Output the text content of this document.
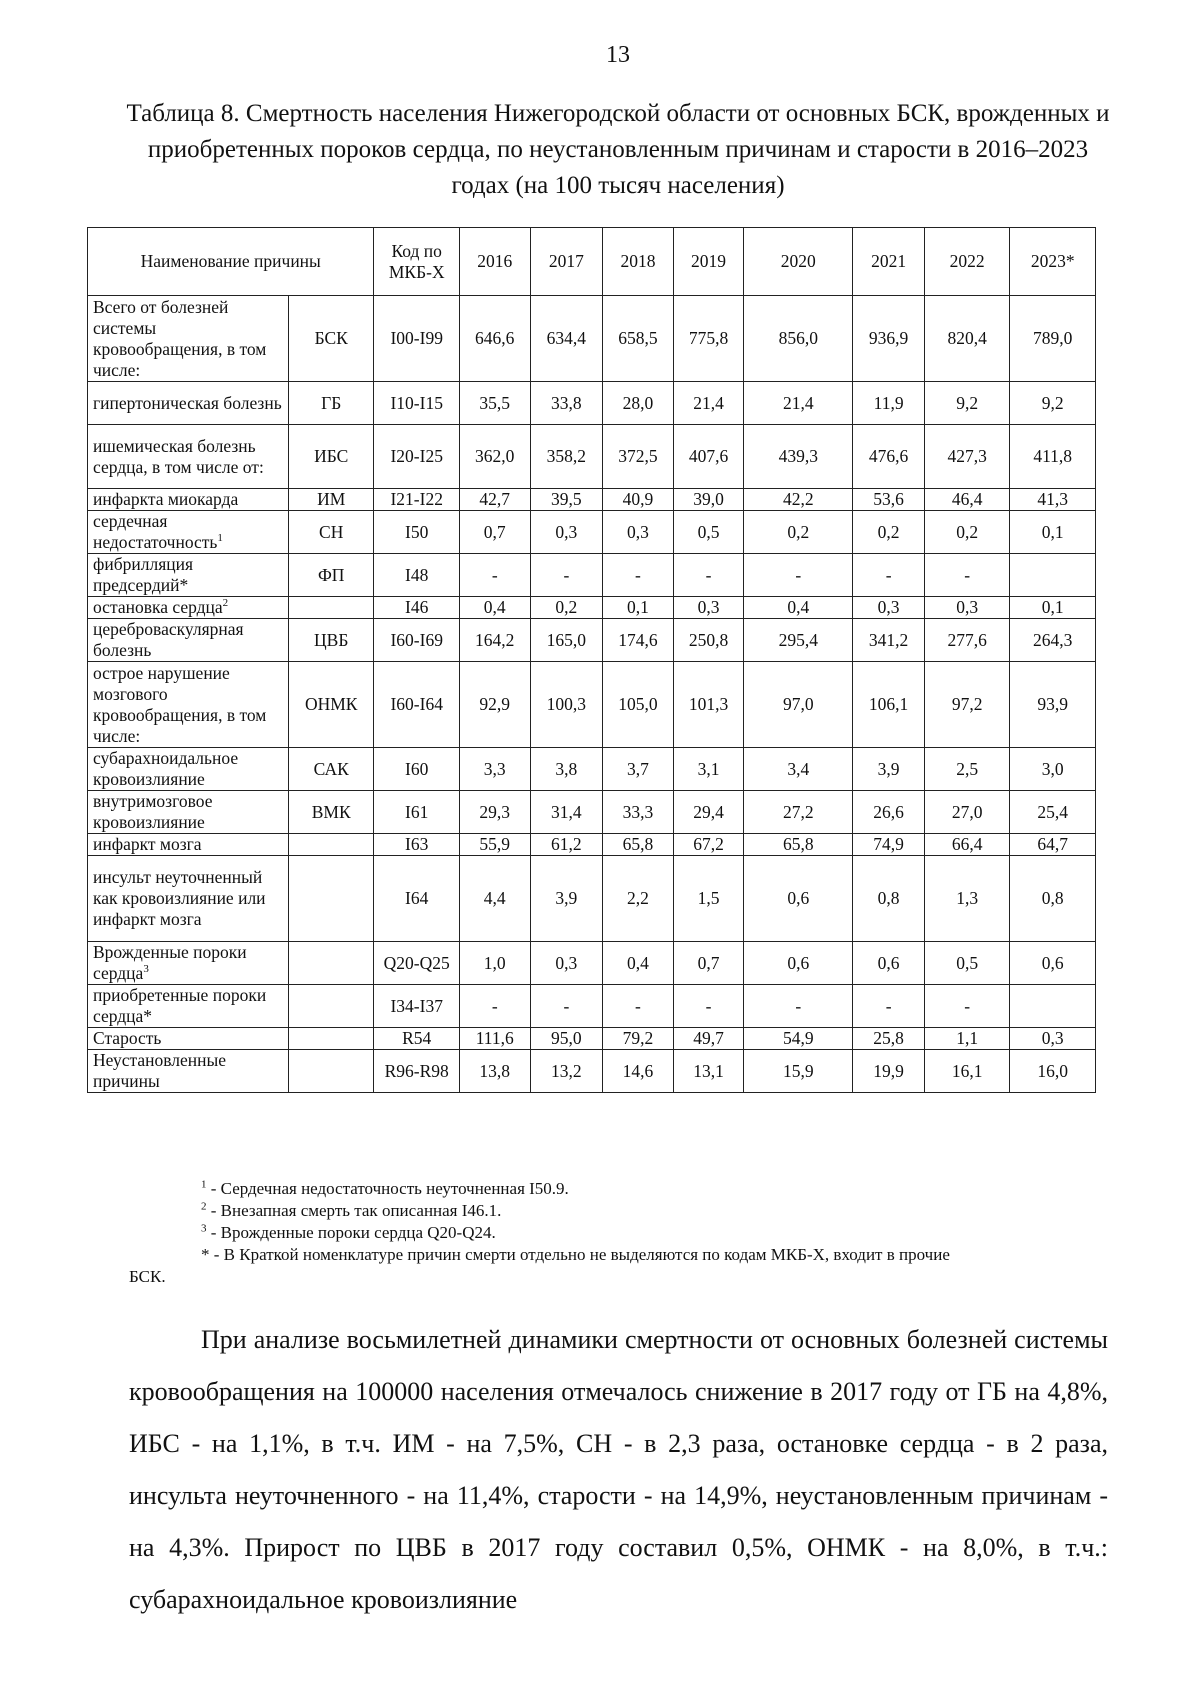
13
Таблица 8. Смертность населения Нижегородской области от основных БСК, врожденных и приобретенных пороков сердца, по неустановленным причинам и старости в 2016–2023 годах (на 100 тысяч населения)
Наименование причины		Код по МКБ-Х	2016	2017	2018	2019	2020	2021	2022	2023*
Всего от болезней системы кровообращения, в том числе:	БСК	I00-I99	646,6	634,4	658,5	775,8	856,0	936,9	820,4	789,0
гипертоническая болезнь	ГБ	I10-I15	35,5	33,8	28,0	21,4	21,4	11,9	9,2	9,2
ишемическая болезнь сердца, в том числе от:	ИБС	I20-I25	362,0	358,2	372,5	407,6	439,3	476,6	427,3	411,8
инфаркта миокарда	ИМ	I21-I22	42,7	39,5	40,9	39,0	42,2	53,6	46,4	41,3
сердечная недостаточность$^1$	СН	I50	0,7	0,3	0,3	0,5	0,2	0,2	0,2	0,1
фибрилляция предсердий*	ФП	I48	-	-	-	-	-	-	-	
остановка сердца$^2$		I46	0,4	0,2	0,1	0,3	0,4	0,3	0,3	0,1
цереброваскулярная болезнь	ЦВБ	I60-I69	164,2	165,0	174,6	250,8	295,4	341,2	277,6	264,3
острое нарушение мозгового кровообращения, в том числе:	ОНМК	I60-I64	92,9	100,3	105,0	101,3	97,0	106,1	97,2	93,9
субарахноидальное кровоизлияние	САК	I60	3,3	3,8	3,7	3,1	3,4	3,9	2,5	3,0
внутримозговое кровоизлияние	ВМК	I61	29,3	31,4	33,3	29,4	27,2	26,6	27,0	25,4
инфаркт мозга		I63	55,9	61,2	65,8	67,2	65,8	74,9	66,4	64,7
инсульт неуточненный как кровоизлияние или инфаркт мозга		I64	4,4	3,9	2,2	1,5	0,6	0,8	1,3	0,8
Врожденные пороки сердца$^3$		Q20-Q25	1,0	0,3	0,4	0,7	0,6	0,6	0,5	0,6
приобретенные пороки сердца*		I34-I37	-	-	-	-	-	-	-	
Старость		R54	111,6	95,0	79,2	49,7	54,9	25,8	1,1	0,3
Неустановленные причины		R96-R98	13,8	13,2	14,6	13,1	15,9	19,9	16,1	16,0
$^1$ - Сердечная недостаточность неуточненная I50.9.
$^2$ - Внезапная смерть так описанная I46.1.
$^3$ - Врожденные пороки сердца Q20-Q24.
* - В Краткой номенклатуре причин смерти отдельно не выделяются по кодам МКБ-Х, входит в прочие
БСК.
При анализе восьмилетней динамики смертности от основных болезней системы кровообращения на 100000 населения отмечалось снижение в 2017 году от ГБ на 4,8%, ИБС - на 1,1%, в т.ч. ИМ - на 7,5%, СН - в 2,3 раза, остановке сердца - в 2 раза, инсульта неуточненного - на 11,4%, старости - на 14,9%, неустановленным причинам - на 4,3%. Прирост по ЦВБ в 2017 году составил 0,5%, ОНМК - на 8,0%, в т.ч.: субарахноидальное кровоизлияние
